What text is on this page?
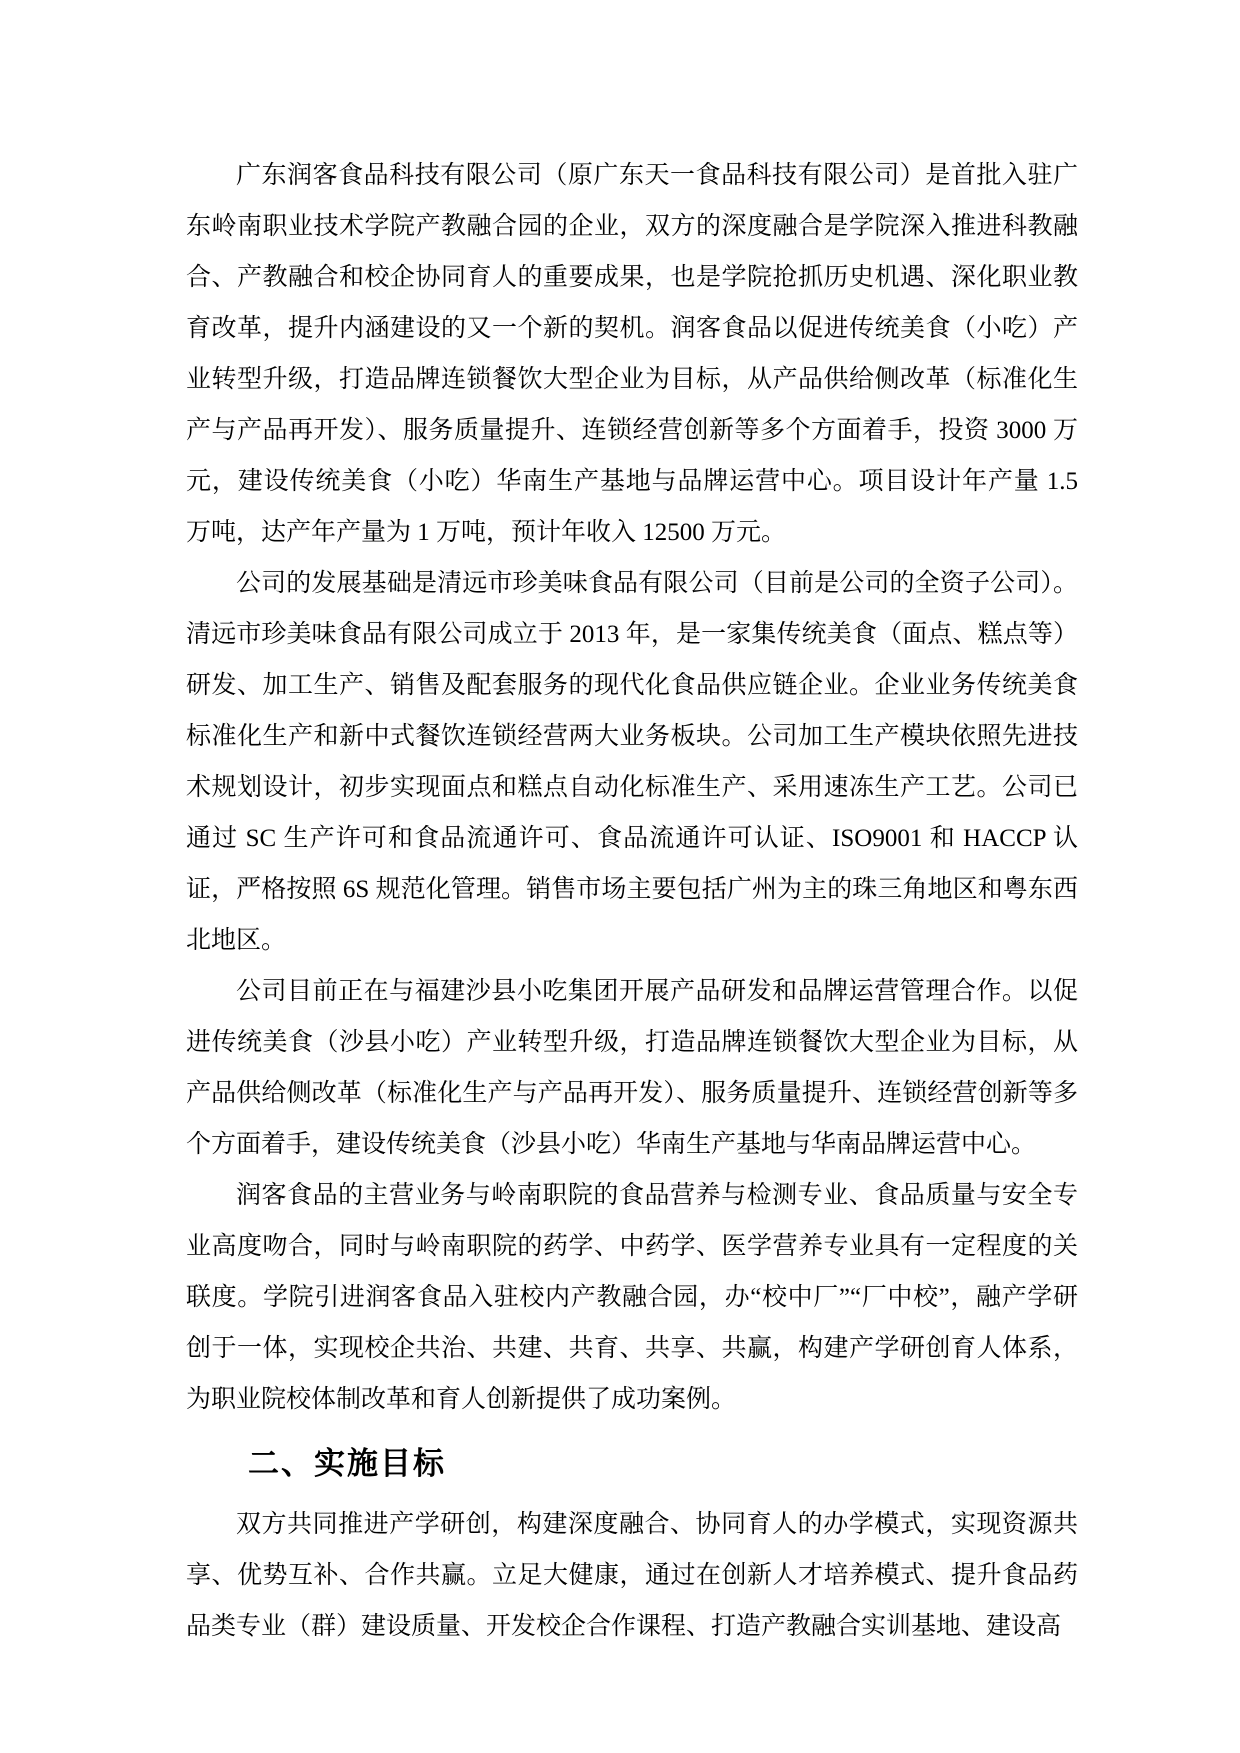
广东润客食品科技有限公司（原广东天一食品科技有限公司）是首批入驻广东岭南职业技术学院产教融合园的企业，双方的深度融合是学院深入推进科教融合、产教融合和校企协同育人的重要成果，也是学院抢抓历史机遇、深化职业教育改革，提升内涵建设的又一个新的契机。润客食品以促进传统美食（小吃）产业转型升级，打造品牌连锁餐饮大型企业为目标，从产品供给侧改革（标准化生产与产品再开发）、服务质量提升、连锁经营创新等多个方面着手，投资 3000 万元，建设传统美食（小吃）华南生产基地与品牌运营中心。项目设计年产量 1.5 万吨，达产年产量为 1 万吨，预计年收入 12500 万元。

公司的发展基础是清远市珍美味食品有限公司（目前是公司的全资子公司）。清远市珍美味食品有限公司成立于 2013 年，是一家集传统美食（面点、糕点等）研发、加工生产、销售及配套服务的现代化食品供应链企业。企业业务传统美食标准化生产和新中式餐饮连锁经营两大业务板块。公司加工生产模块依照先进技术规划设计，初步实现面点和糕点自动化标准生产、采用速冻生产工艺。公司已通过 SC 生产许可和食品流通许可、食品流通许可认证、ISO9001 和 HACCP 认证，严格按照 6S 规范化管理。销售市场主要包括广州为主的珠三角地区和粤东西北地区。

公司目前正在与福建沙县小吃集团开展产品研发和品牌运营管理合作。以促进传统美食（沙县小吃）产业转型升级，打造品牌连锁餐饮大型企业为目标，从产品供给侧改革（标准化生产与产品再开发）、服务质量提升、连锁经营创新等多个方面着手，建设传统美食（沙县小吃）华南生产基地与华南品牌运营中心。

润客食品的主营业务与岭南职院的食品营养与检测专业、食品质量与安全专业高度吻合，同时与岭南职院的药学、中药学、医学营养专业具有一定程度的关联度。学院引进润客食品入驻校内产教融合园，办“校中厂”“厂中校”，融产学研创于一体，实现校企共治、共建、共育、共享、共赢，构建产学研创育人体系，为职业院校体制改革和育人创新提供了成功案例。

二、实施目标

双方共同推进产学研创，构建深度融合、协同育人的办学模式，实现资源共享、优势互补、合作共赢。立足大健康，通过在创新人才培养模式、提升食品药品类专业（群）建设质量、开发校企合作课程、打造产教融合实训基地、建设高
